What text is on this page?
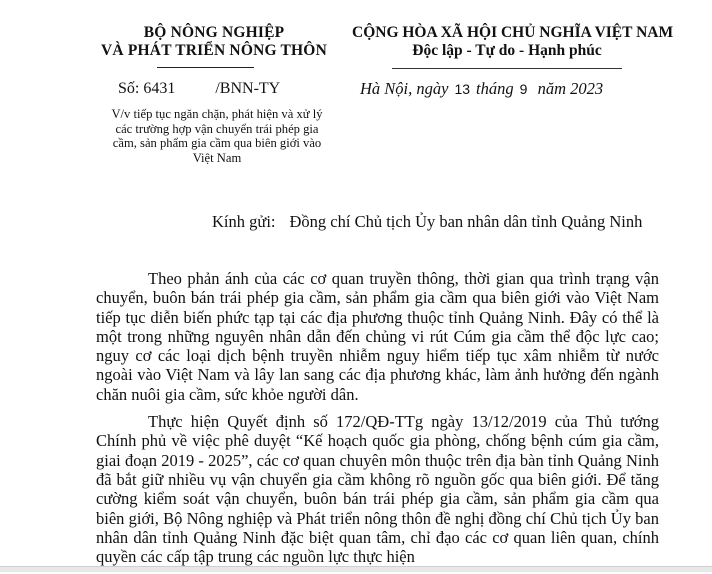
BỘ NÔNG NGHIỆP
VÀ PHÁT TRIỂN NÔNG THÔN
Số: 6431	/BNN-TY
V/v tiếp tục ngăn chặn, phát hiện và xử lý các trường hợp vận chuyển trái phép gia cầm, sản phẩm gia cầm qua biên giới vào Việt Nam
CỘNG HÒA XÃ HỘI CHỦ NGHĨA VIỆT NAM
Độc lập - Tự do - Hạnh phúc
Hà Nội, ngày 13 tháng 9 năm 2023
Kính gửi: Đồng chí Chủ tịch Ủy ban nhân dân tỉnh Quảng Ninh

Theo phản ánh của các cơ quan truyền thông, thời gian qua trình trạng vận chuyển, buôn bán trái phép gia cầm, sản phẩm gia cầm qua biên giới vào Việt Nam tiếp tục diễn biến phức tạp tại các địa phương thuộc tỉnh Quảng Ninh. Đây có thể là một trong những nguyên nhân dẫn đến chủng vi rút Cúm gia cầm thể độc lực cao; nguy cơ các loại dịch bệnh truyền nhiễm nguy hiểm tiếp tục xâm nhiễm từ nước ngoài vào Việt Nam và lây lan sang các địa phương khác, làm ảnh hưởng đến ngành chăn nuôi gia cầm, sức khỏe người dân.

Thực hiện Quyết định số 172/QĐ-TTg ngày 13/12/2019 của Thủ tướng Chính phủ về việc phê duyệt “Kế hoạch quốc gia phòng, chống bệnh cúm gia cầm, giai đoạn 2019 - 2025”, các cơ quan chuyên môn thuộc trên địa bàn tỉnh Quảng Ninh đã bắt giữ nhiều vụ vận chuyển gia cầm không rõ nguồn gốc qua biên giới. Để tăng cường kiểm soát vận chuyển, buôn bán trái phép gia cầm, sản phẩm gia cầm qua biên giới, Bộ Nông nghiệp và Phát triển nông thôn đề nghị đồng chí Chủ tịch Ủy ban nhân dân tỉnh Quảng Ninh đặc biệt quan tâm, chỉ đạo các cơ quan liên quan, chính quyền các cấp tập trung các nguồn lực thực hiện
